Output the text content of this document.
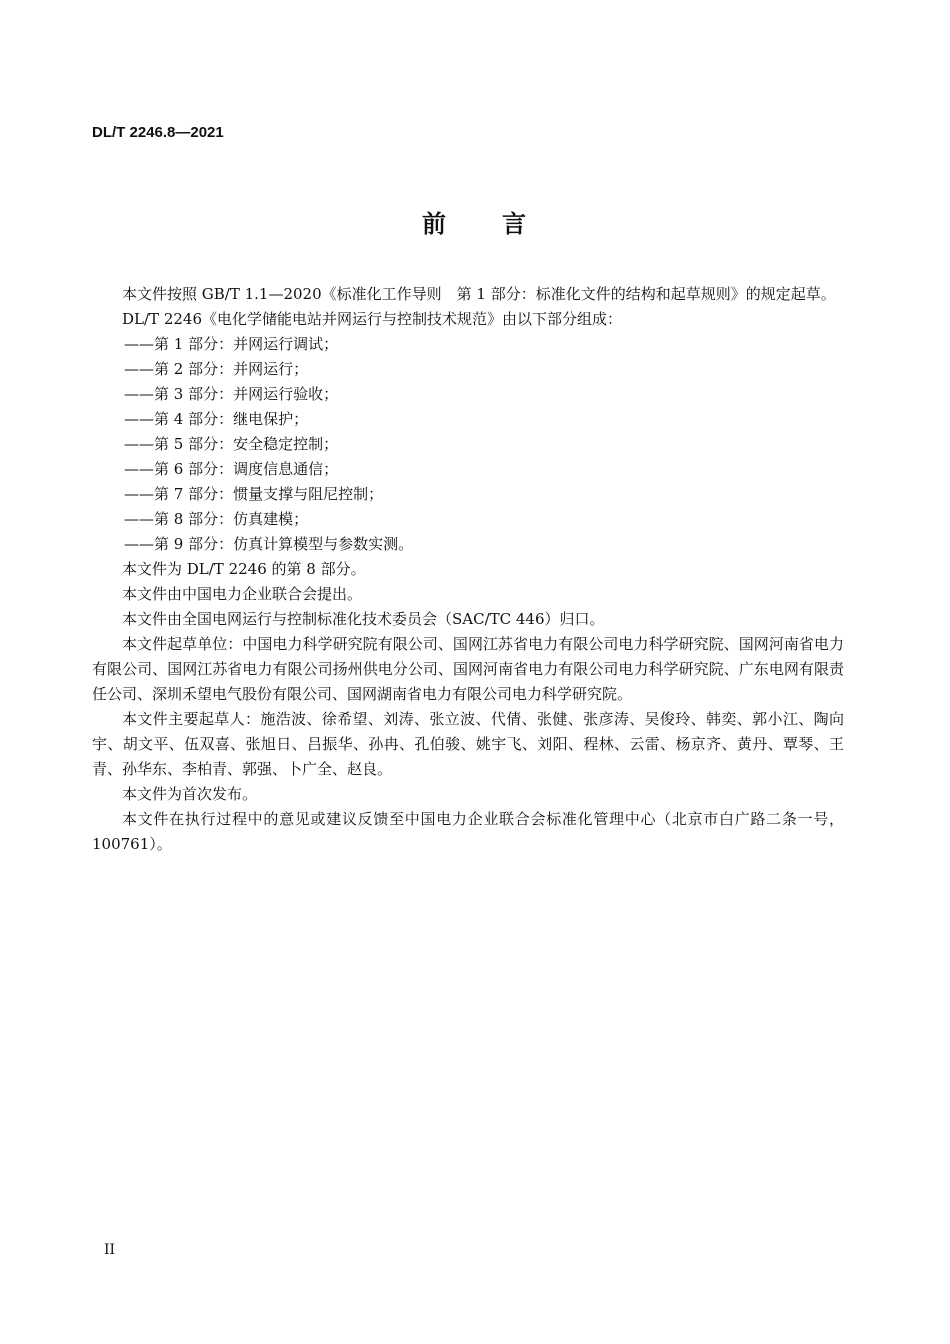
DL/T 2246.8—2021
前 言

本文件按照 GB/T 1.1—2020《标准化工作导则　第 1 部分：标准化文件的结构和起草规则》的规定起草。

DL/T 2246《电化学储能电站并网运行与控制技术规范》由以下部分组成：

——第 1 部分：并网运行调试；

——第 2 部分：并网运行；

——第 3 部分：并网运行验收；

——第 4 部分：继电保护；

——第 5 部分：安全稳定控制；

——第 6 部分：调度信息通信；

——第 7 部分：惯量支撑与阻尼控制；

——第 8 部分：仿真建模；

——第 9 部分：仿真计算模型与参数实测。

本文件为 DL/T 2246 的第 8 部分。

本文件由中国电力企业联合会提出。

本文件由全国电网运行与控制标准化技术委员会（SAC/TC 446）归口。

本文件起草单位：中国电力科学研究院有限公司、国网江苏省电力有限公司电力科学研究院、国网河南省电力有限公司、国网江苏省电力有限公司扬州供电分公司、国网河南省电力有限公司电力科学研究院、广东电网有限责任公司、深圳禾望电气股份有限公司、国网湖南省电力有限公司电力科学研究院。

本文件主要起草人：施浩波、徐希望、刘涛、张立波、代倩、张健、张彦涛、吴俊玲、韩奕、郭小江、陶向宇、胡文平、伍双喜、张旭日、吕振华、孙冉、孔伯骏、姚宇飞、刘阳、程林、云雷、杨京齐、黄丹、覃琴、王青、孙华东、李柏青、郭强、卜广全、赵良。

本文件为首次发布。

本文件在执行过程中的意见或建议反馈至中国电力企业联合会标准化管理中心（北京市白广路二条一号，100761）。

II
